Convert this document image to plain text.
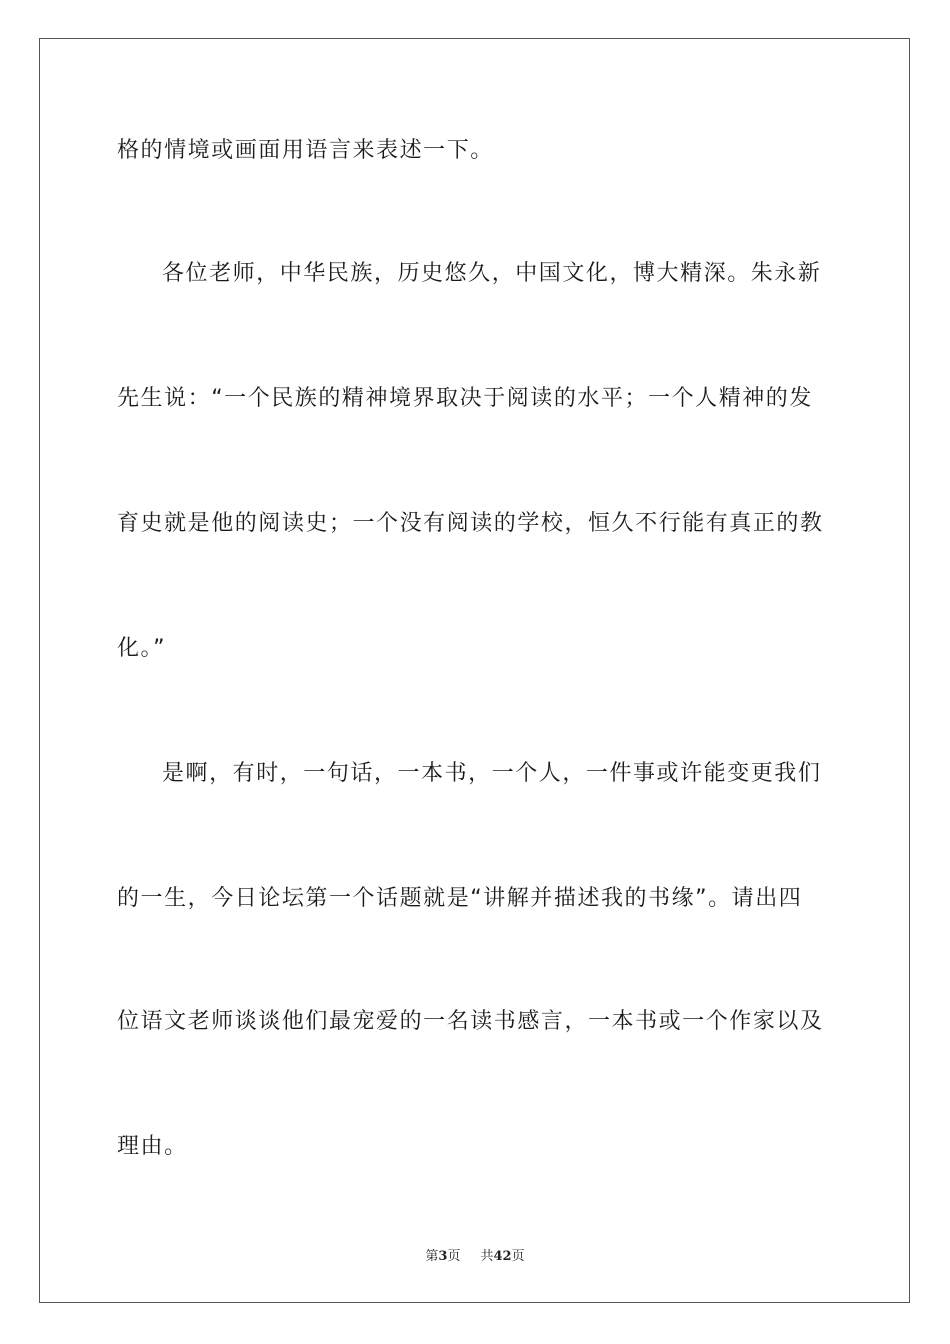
格的情境或画面用语言来表述一下。
各位老师，中华民族，历史悠久，中国文化，博大精深。朱永新
先生说：“一个民族的精神境界取决于阅读的水平；一个人精神的发
育史就是他的阅读史；一个没有阅读的学校，恒久不行能有真正的教
化。”
是啊，有时，一句话，一本书，一个人，一件事或许能变更我们
的一生，今日论坛第一个话题就是“讲解并描述我的书缘”。请出四
位语文老师谈谈他们最宠爱的一名读书感言，一本书或一个作家以及
理由。
第3页 共42页
